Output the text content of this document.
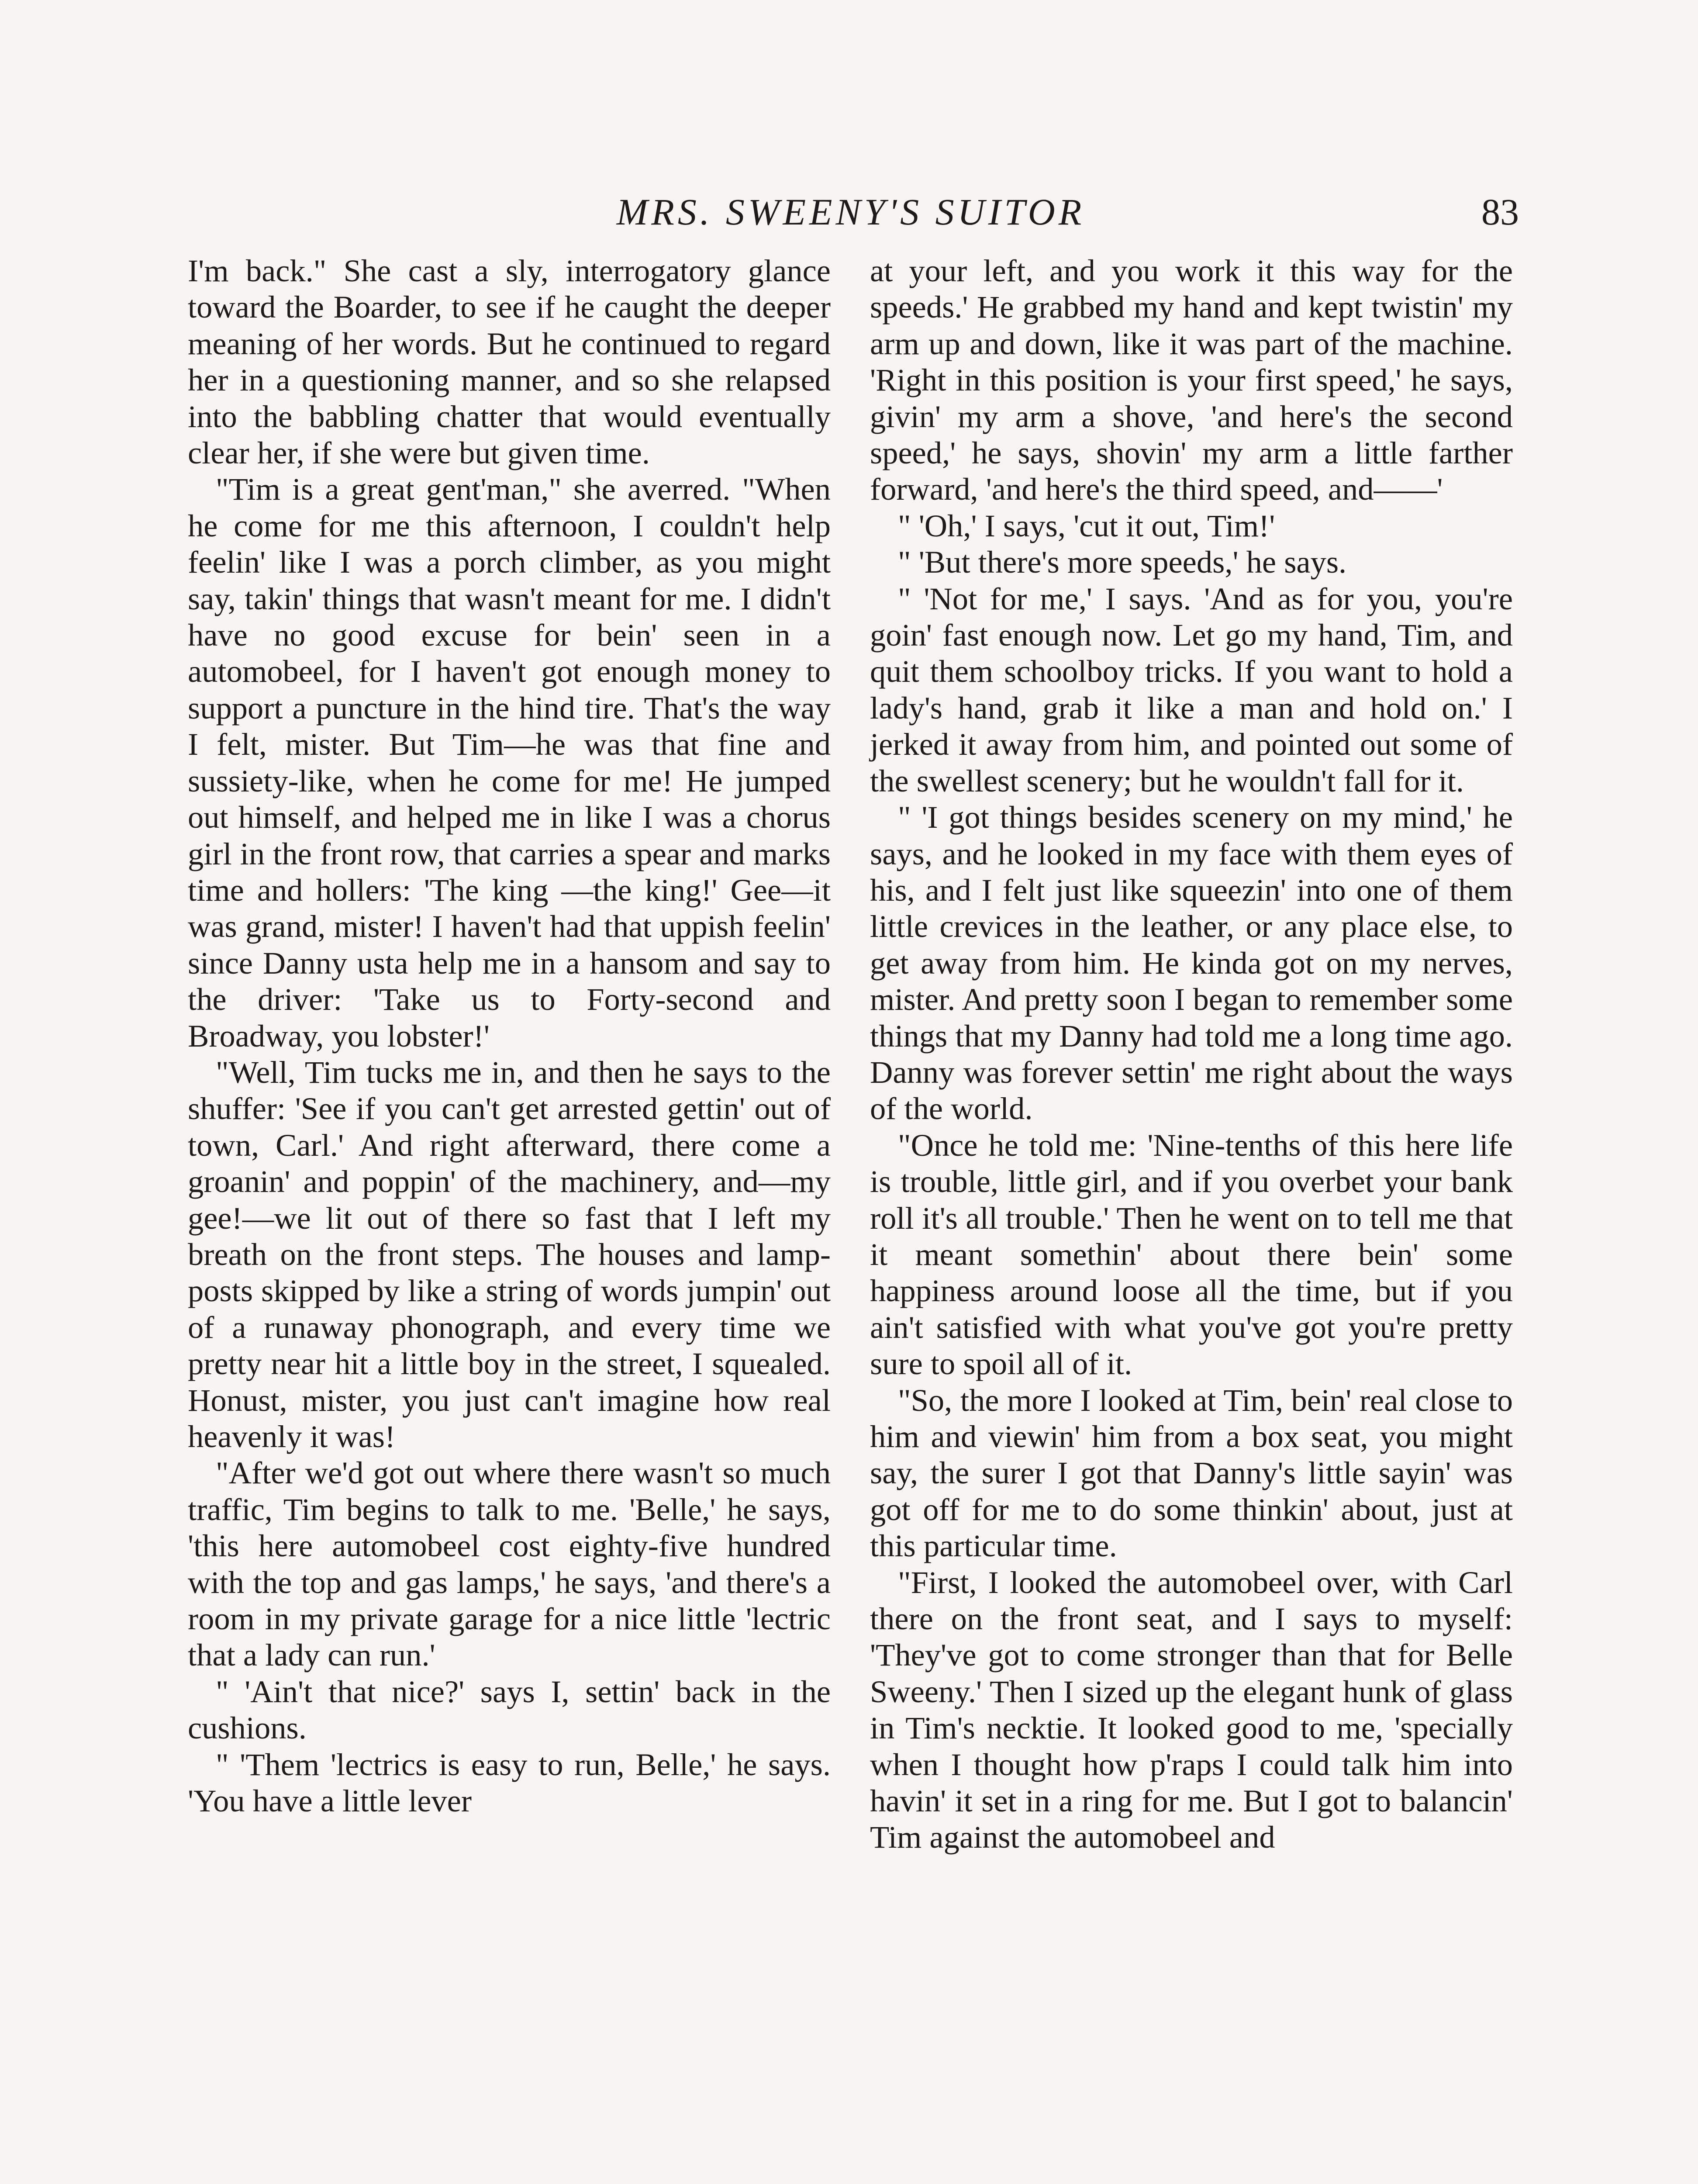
MRS. SWEENY'S SUITOR	83

I'm back." She cast a sly, interrogatory glance toward the Boarder, to see if he caught the deeper meaning of her words. But he continued to regard her in a questioning manner, and so she relapsed into the babbling chatter that would eventually clear her, if she were but given time.

"Tim is a great gent'man," she averred. "When he come for me this afternoon, I couldn't help feelin' like I was a porch climber, as you might say, takin' things that wasn't meant for me. I didn't have no good excuse for bein' seen in a automobeel, for I haven't got enough money to support a puncture in the hind tire. That's the way I felt, mister. But Tim—he was that fine and sussiety-like, when he come for me! He jumped out himself, and helped me in like I was a chorus girl in the front row, that carries a spear and marks time and hollers: 'The king —the king!' Gee—it was grand, mister! I haven't had that uppish feelin' since Danny usta help me in a hansom and say to the driver: 'Take us to Forty-second and Broadway, you lobster!'

"Well, Tim tucks me in, and then he says to the shuffer: 'See if you can't get arrested gettin' out of town, Carl.' And right afterward, there come a groanin' and poppin' of the machinery, and—my gee!—we lit out of there so fast that I left my breath on the front steps. The houses and lamp-posts skipped by like a string of words jumpin' out of a runaway phonograph, and every time we pretty near hit a little boy in the street, I squealed. Honust, mister, you just can't imagine how real heavenly it was!

"After we'd got out where there wasn't so much traffic, Tim begins to talk to me. 'Belle,' he says, 'this here automobeel cost eighty-five hundred with the top and gas lamps,' he says, 'and there's a room in my private garage for a nice little 'lectric that a lady can run.'

" 'Ain't that nice?' says I, settin' back in the cushions.

" 'Them 'lectrics is easy to run, Belle,' he says. 'You have a little lever

at your left, and you work it this way for the speeds.' He grabbed my hand and kept twistin' my arm up and down, like it was part of the machine. 'Right in this position is your first speed,' he says, givin' my arm a shove, 'and here's the second speed,' he says, shovin' my arm a little farther forward, 'and here's the third speed, and——'

" 'Oh,' I says, 'cut it out, Tim!'

" 'But there's more speeds,' he says.

" 'Not for me,' I says. 'And as for you, you're goin' fast enough now. Let go my hand, Tim, and quit them schoolboy tricks. If you want to hold a lady's hand, grab it like a man and hold on.' I jerked it away from him, and pointed out some of the swellest scenery; but he wouldn't fall for it.

" 'I got things besides scenery on my mind,' he says, and he looked in my face with them eyes of his, and I felt just like squeezin' into one of them little crevices in the leather, or any place else, to get away from him. He kinda got on my nerves, mister. And pretty soon I began to remember some things that my Danny had told me a long time ago. Danny was forever settin' me right about the ways of the world.

"Once he told me: 'Nine-tenths of this here life is trouble, little girl, and if you overbet your bank roll it's all trouble.' Then he went on to tell me that it meant somethin' about there bein' some happiness around loose all the time, but if you ain't satisfied with what you've got you're pretty sure to spoil all of it.

"So, the more I looked at Tim, bein' real close to him and viewin' him from a box seat, you might say, the surer I got that Danny's little sayin' was got off for me to do some thinkin' about, just at this particular time.

"First, I looked the automobeel over, with Carl there on the front seat, and I says to myself: 'They've got to come stronger than that for Belle Sweeny.' Then I sized up the elegant hunk of glass in Tim's necktie. It looked good to me, 'specially when I thought how p'raps I could talk him into havin' it set in a ring for me. But I got to balancin' Tim against the automobeel and
